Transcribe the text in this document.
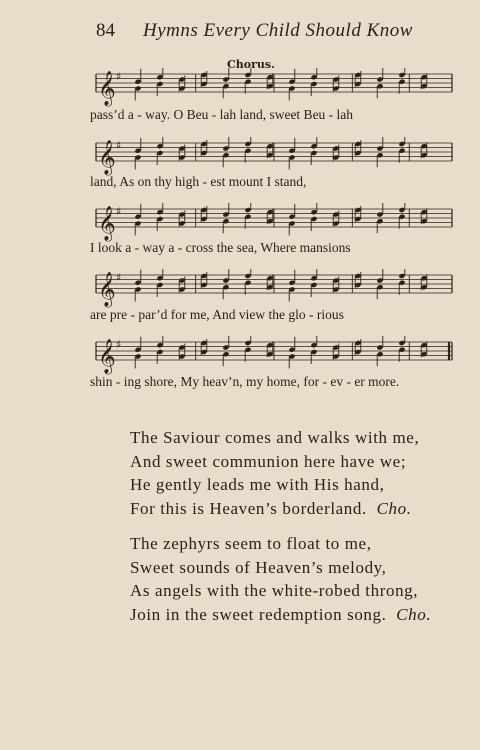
84 Hymns Every Child Should Know
Chorus.
𝄞 ♯
pass’d a - way. O Beu - lah land, sweet Beu - lah
𝄞 ♯
land, As on thy high - est mount I stand,
𝄞 ♯
I look a - way a - cross the sea, Where mansions
𝄞 ♯
are pre - par’d for me, And view the glo - rious
𝄞 ♯
shin - ing shore, My heav’n, my home, for - ev - er more.
The Saviour comes and walks with me,
And sweet communion here have we;
He gently leads me with His hand,
For this is Heaven’s borderland. Cho.
The zephyrs seem to float to me,
Sweet sounds of Heaven’s melody,
As angels with the white-robed throng,
Join in the sweet redemption song. Cho.
